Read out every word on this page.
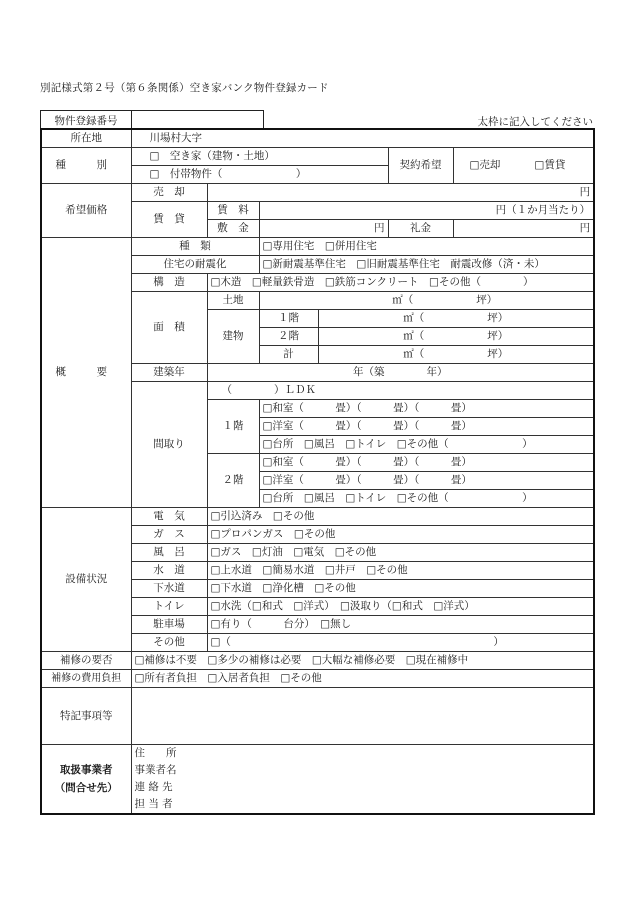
別記様式第２号（第６条関係）空き家バンク物件登録カード
物件登録番号	太枠に記入してください
所在地	川場村大字					
種　別	□　空き家（建物・土地）				契約希望	□売却 □賃貸
	□　付帯物件（　　　　　　　）					
希望価格	売　却	円				
	賃　貸	賃　料	円（１か月当たり）			
		敷　金	円		礼金	円
概　要	種　類		□専用住宅　□併用住宅			
	住宅の耐震化		□新耐震基準住宅　□旧耐震基準住宅　耐震改修（済・未）			
	構　造	□木造　□軽量鉄骨造　□鉄筋コンクリート　□その他（　　　　）				
	面　積	土地	㎡（　　　　　　坪）			
		建物	１階	㎡（　　　　　　坪）		
			２階	㎡（　　　　　　坪）		
			計	㎡（　　　　　　坪）		
	建築年	年（築　　　　年）				
	間取り	（　　　　）ＬＤＫ				
		１階	□和室（　　　畳）（　　　畳）（　　　畳）			
			□洋室（　　　畳）（　　　畳）（　　　畳）			
			□台所　□風呂　□トイレ　□その他（　　　　　　　）			
		２階	□和室（　　　畳）（　　　畳）（　　　畳）			
			□洋室（　　　畳）（　　　畳）（　　　畳）			
			□台所　□風呂　□トイレ　□その他（　　　　　　　）			
設備状況	電　気	□引込済み　□その他				
	ガ　ス	□プロパンガス　□その他				
	風　呂	□ガス　□灯油　□電気　□その他				
	水　道	□上水道　□簡易水道　□井戸　□その他				
	下水道	□下水道　□浄化槽　□その他				
	トイレ	□水洗（□和式　□洋式）　□汲取り（□和式　□洋式）				
	駐車場	□有り（　　　台分）　□無し				
	その他	□（　　　　　　　　　　　　　　　　　　　　　　　　　）				
補修の要否	□補修は不要　□多少の補修は必要　□大幅な補修必要　□現在補修中					
補修の費用負担	□所有者負担　□入居者負担　□その他					
特記事項等						

取扱事業者
（問合せ先）	住　　所					
	事業者名					
	連 絡 先					
	担 当 者					
